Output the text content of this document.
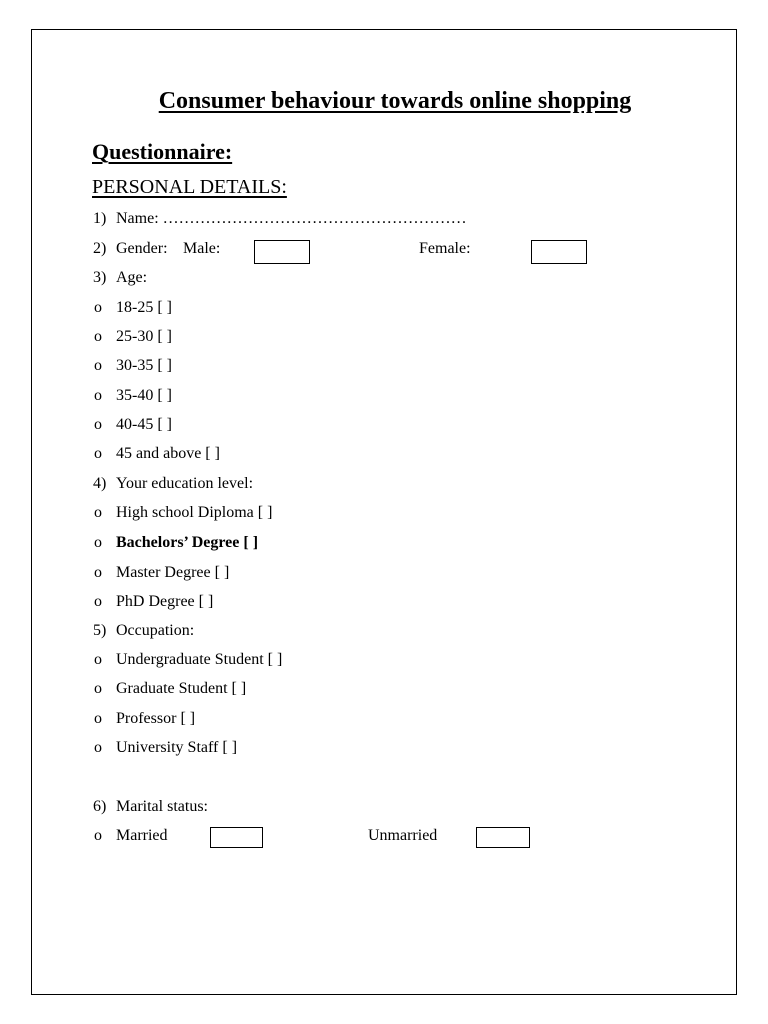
Consumer behaviour towards online shopping
Questionnaire:
PERSONAL DETAILS:
1) Name: …………………………………………………
2) Gender: Male:	Female:
3) Age:
o 18-25 [ ]
o 25-30 [ ]
o 30-35 [ ]
o 35-40 [ ]
o 40-45 [ ]
o 45 and above [ ]
4) Your education level:
o High school Diploma [ ]
o Bachelors’ Degree [ ]
o Master Degree [ ]
o PhD Degree [ ]
5) Occupation:
o Undergraduate Student [ ]
o Graduate Student [ ]
o Professor [ ]
o University Staff [ ]
6) Marital status:
o Married	Unmarried
